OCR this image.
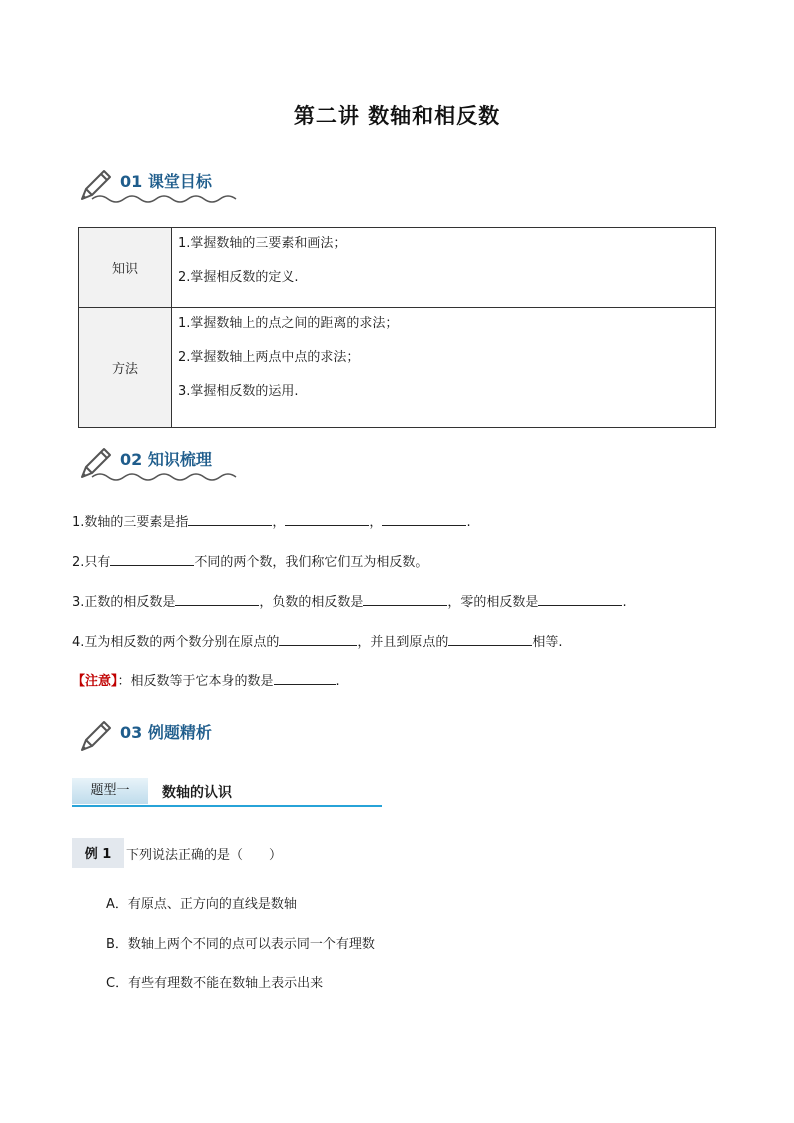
第二讲 数轴和相反数
01 课堂目标
知识	1.掌握数轴的三要素和画法；
2.掌握相反数的定义.

方法	1.掌握数轴上的点之间的距离的求法；
2.掌握数轴上两点中点的求法；
3.掌握相反数的运用.
02 知识梳理
1.数轴的三要素是指	，	，	.
2.只有	不同的两个数，我们称它们互为相反数。
3.正数的相反数是	，负数的相反数是	，零的相反数是	.
4.互为相反数的两个数分别在原点的	，并且到原点的	相等.
【注意】：相反数等于它本身的数是	.
03 例题精析
题型一	数轴的认识
例 1	下列说法正确的是（　　）
A．有原点、正方向的直线是数轴
B．数轴上两个不同的点可以表示同一个有理数
C．有些有理数不能在数轴上表示出来
